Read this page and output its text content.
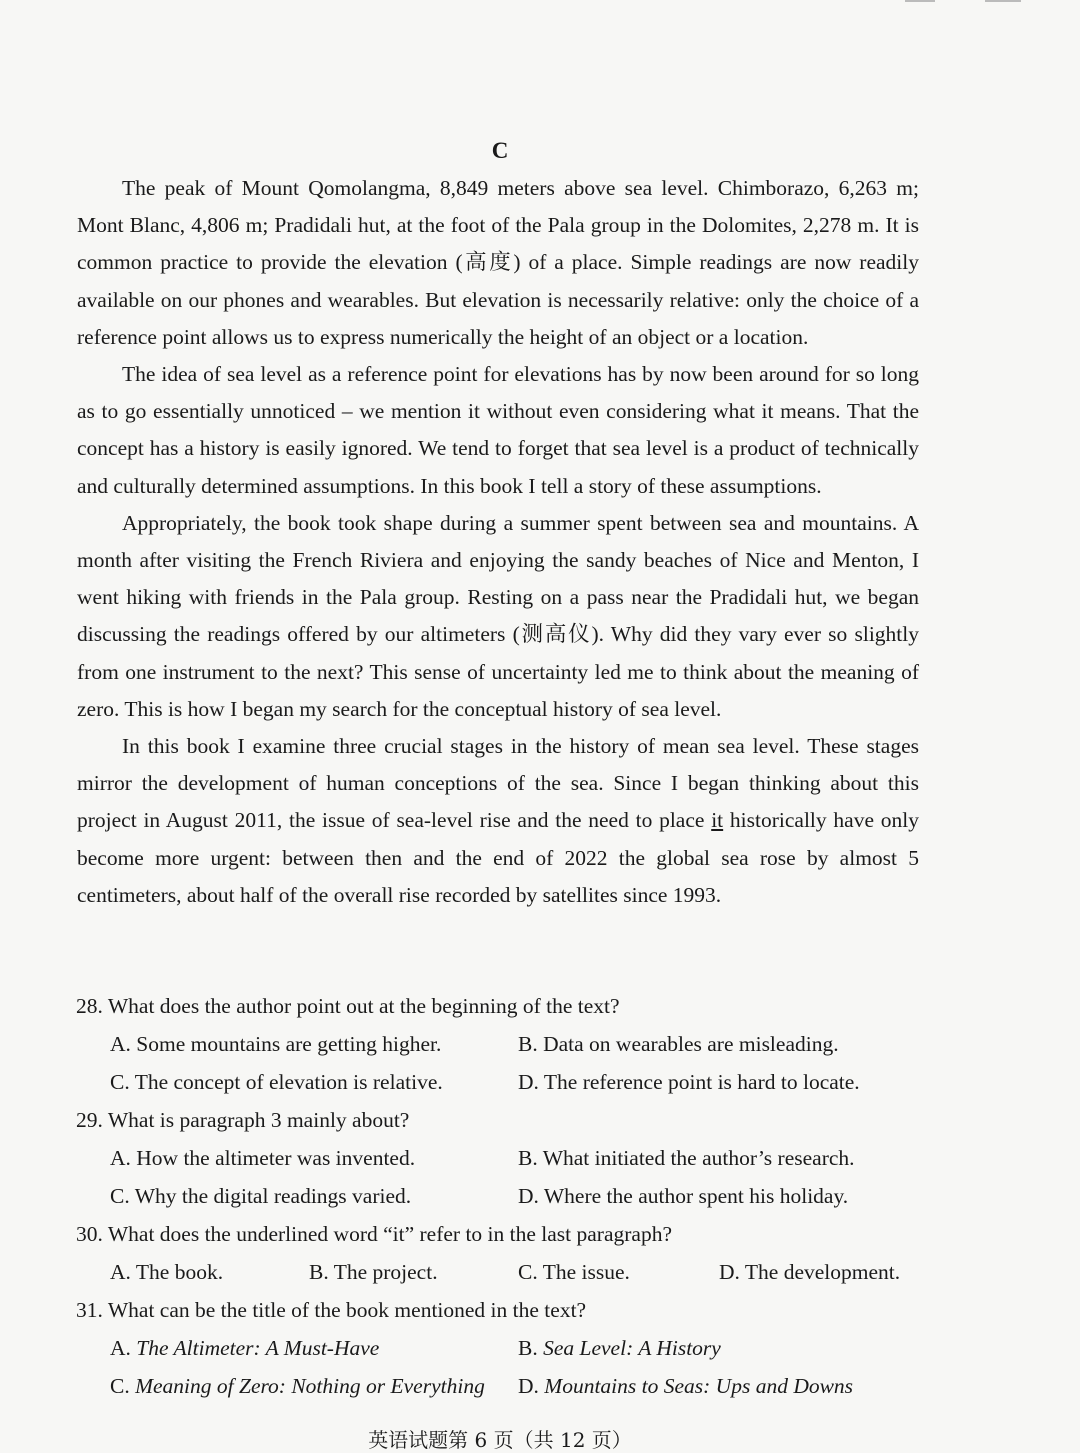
C

The peak of Mount Qomolangma, 8,849 meters above sea level. Chimborazo, 6,263 m; Mont Blanc, 4,806 m; Pradidali hut, at the foot of the Pala group in the Dolomites, 2,278 m. It is common practice to provide the elevation (高度) of a place. Simple readings are now readily available on our phones and wearables. But elevation is necessarily relative: only the choice of a reference point allows us to express numerically the height of an object or a location.

The idea of sea level as a reference point for elevations has by now been around for so long as to go essentially unnoticed – we mention it without even considering what it means. That the concept has a history is easily ignored. We tend to forget that sea level is a product of technically and culturally determined assumptions. In this book I tell a story of these assumptions.

Appropriately, the book took shape during a summer spent between sea and mountains. A month after visiting the French Riviera and enjoying the sandy beaches of Nice and Menton, I went hiking with friends in the Pala group. Resting on a pass near the Pradidali hut, we began discussing the readings offered by our altimeters (测高仪). Why did they vary ever so slightly from one instrument to the next? This sense of uncertainty led me to think about the meaning of zero. This is how I began my search for the conceptual history of sea level.

In this book I examine three crucial stages in the history of mean sea level. These stages mirror the development of human conceptions of the sea. Since I began thinking about this project in August 2011, the issue of sea-level rise and the need to place it historically have only become more urgent: between then and the end of 2022 the global sea rose by almost 5 centimeters, about half of the overall rise recorded by satellites since 1993.

28. What does the author point out at the beginning of the text?
A. Some mountains are getting higher.	B. Data on wearables are misleading.
C. The concept of elevation is relative.	D. The reference point is hard to locate.
29. What is paragraph 3 mainly about?
A. How the altimeter was invented.	B. What initiated the author’s research.
C. Why the digital readings varied.	D. Where the author spent his holiday.
30. What does the underlined word “it” refer to in the last paragraph?
A. The book.	B. The project.	C. The issue.	D. The development.
31. What can be the title of the book mentioned in the text?
A. The Altimeter: A Must-Have	B. Sea Level: A History
C. Meaning of Zero: Nothing or Everything D. Mountains to Seas: Ups and Downs
英语试题第 6 页（共 12 页）
